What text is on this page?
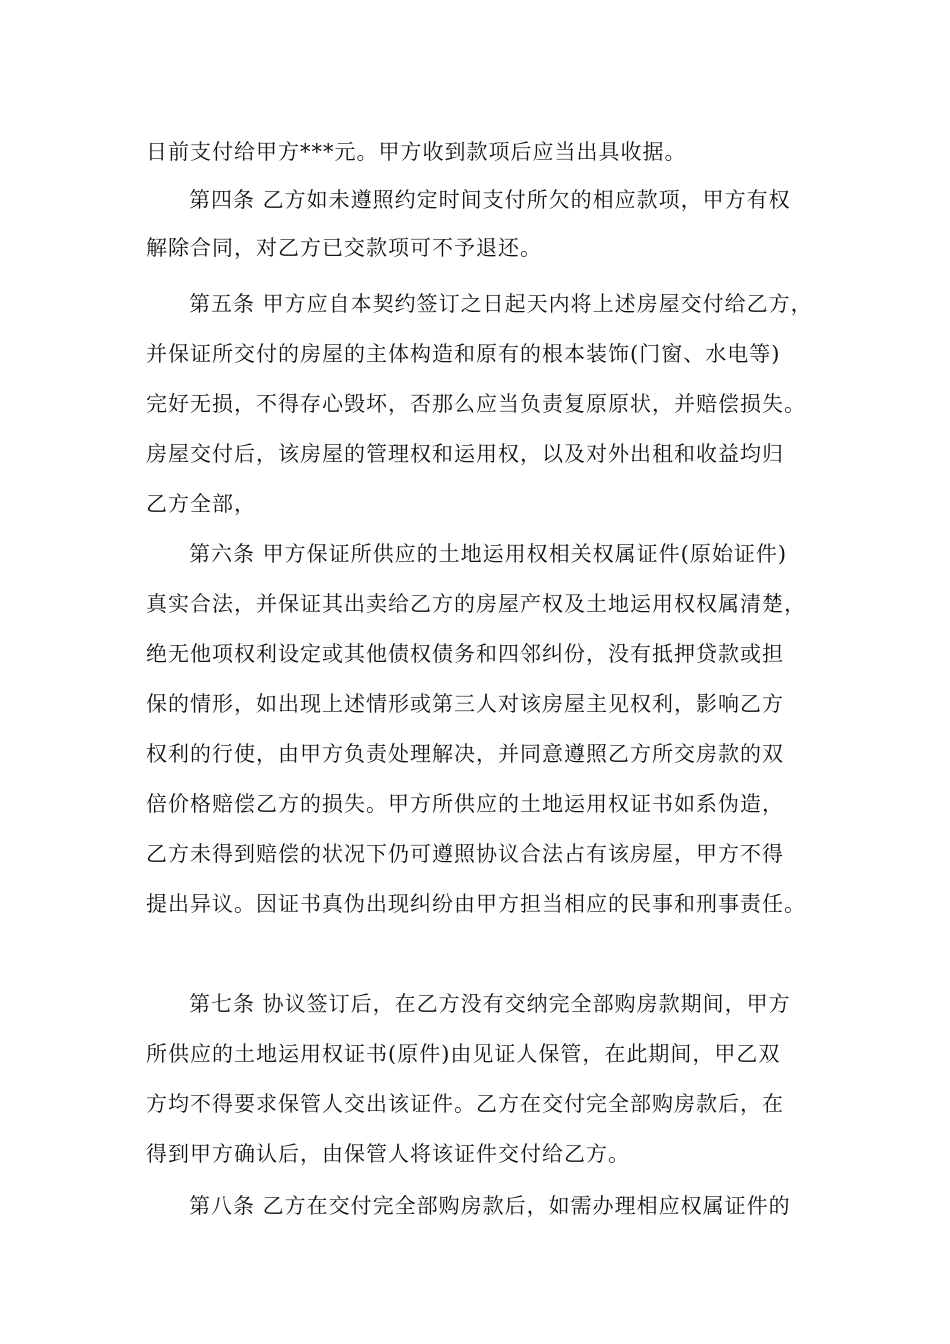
日前支付给甲方***元。甲方收到款项后应当出具收据。
第四条 乙方如未遵照约定时间支付所欠的相应款项，甲方有权
解除合同，对乙方已交款项可不予退还。
第五条 甲方应自本契约签订之日起天内将上述房屋交付给乙方，
并保证所交付的房屋的主体构造和原有的根本装饰(门窗、水电等)
完好无损，不得存心毁坏，否那么应当负责复原原状，并赔偿损失。
房屋交付后，该房屋的管理权和运用权，以及对外出租和收益均归
乙方全部，
第六条 甲方保证所供应的土地运用权相关权属证件(原始证件)
真实合法，并保证其出卖给乙方的房屋产权及土地运用权权属清楚，
绝无他项权利设定或其他债权债务和四邻纠份，没有抵押贷款或担
保的情形，如出现上述情形或第三人对该房屋主见权利，影响乙方
权利的行使，由甲方负责处理解决，并同意遵照乙方所交房款的双
倍价格赔偿乙方的损失。甲方所供应的土地运用权证书如系伪造，
乙方未得到赔偿的状况下仍可遵照协议合法占有该房屋，甲方不得
提出异议。因证书真伪出现纠纷由甲方担当相应的民事和刑事责任。
第七条 协议签订后，在乙方没有交纳完全部购房款期间，甲方
所供应的土地运用权证书(原件)由见证人保管，在此期间，甲乙双
方均不得要求保管人交出该证件。乙方在交付完全部购房款后，在
得到甲方确认后，由保管人将该证件交付给乙方。
第八条 乙方在交付完全部购房款后，如需办理相应权属证件的
